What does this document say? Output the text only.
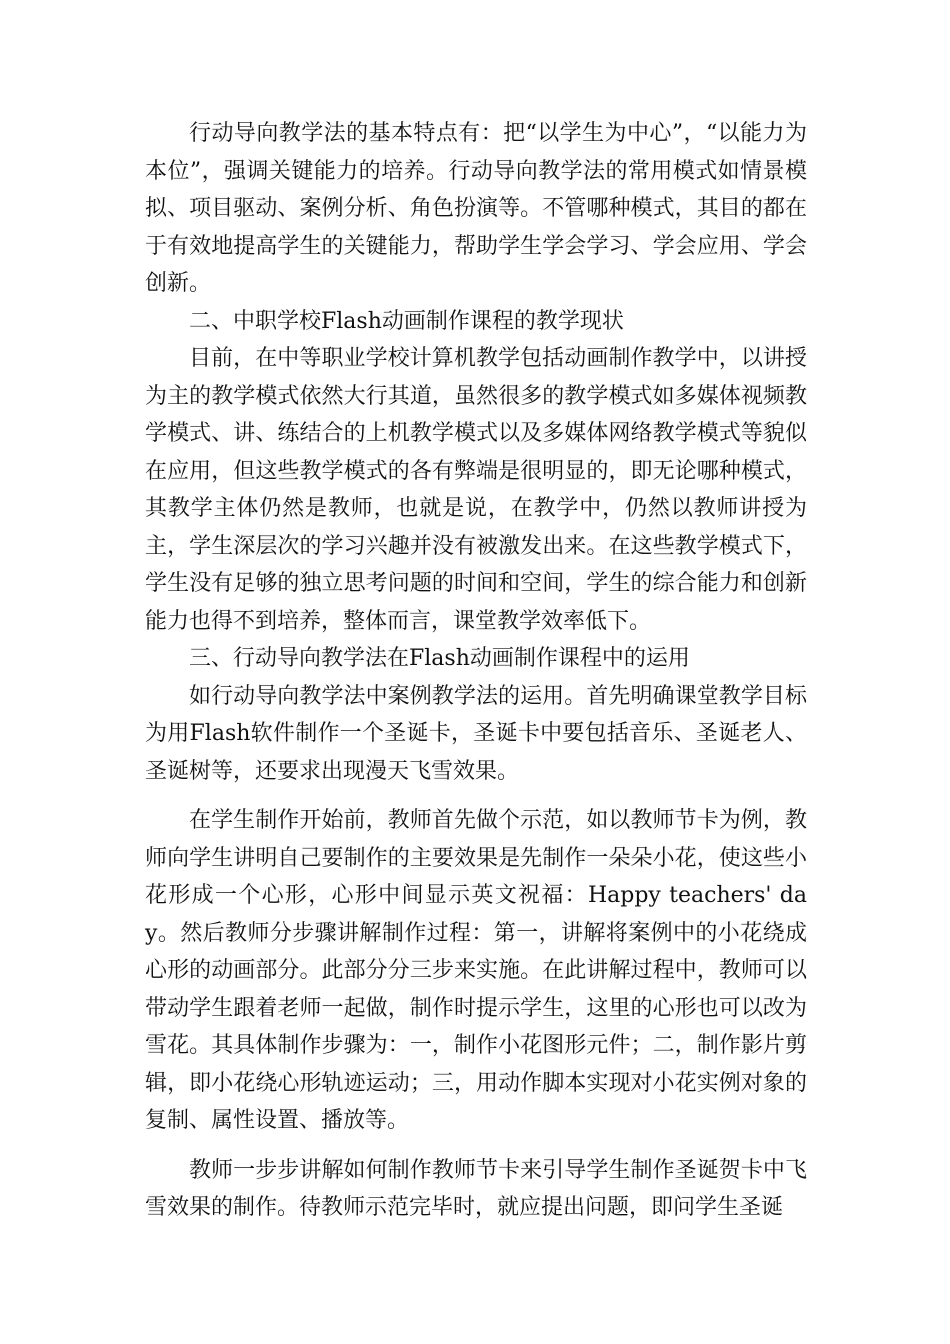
行动导向教学法的基本特点有：把“以学生为中心”，“以能力为本位”，强调关键能力的培养。行动导向教学法的常用模式如情景模拟、项目驱动、案例分析、角色扮演等。不管哪种模式，其目的都在于有效地提高学生的关键能力，帮助学生学会学习、学会应用、学会创新。

二、中职学校Flash动画制作课程的教学现状

目前，在中等职业学校计算机教学包括动画制作教学中，以讲授为主的教学模式依然大行其道，虽然很多的教学模式如多媒体视频教学模式、讲、练结合的上机教学模式以及多媒体网络教学模式等貌似在应用，但这些教学模式的各有弊端是很明显的，即无论哪种模式，其教学主体仍然是教师，也就是说，在教学中，仍然以教师讲授为主，学生深层次的学习兴趣并没有被激发出来。在这些教学模式下，学生没有足够的独立思考问题的时间和空间，学生的综合能力和创新能力也得不到培养，整体而言，课堂教学效率低下。

三、行动导向教学法在Flash动画制作课程中的运用

如行动导向教学法中案例教学法的运用。首先明确课堂教学目标为用Flash软件制作一个圣诞卡，圣诞卡中要包括音乐、圣诞老人、圣诞树等，还要求出现漫天飞雪效果。

在学生制作开始前，教师首先做个示范，如以教师节卡为例，教师向学生讲明自己要制作的主要效果是先制作一朵朵小花，使这些小花形成一个心形，心形中间显示英文祝福：Happy teachers' day。然后教师分步骤讲解制作过程：第一，讲解将案例中的小花绕成心形的动画部分。此部分分三步来实施。在此讲解过程中，教师可以带动学生跟着老师一起做，制作时提示学生，这里的心形也可以改为雪花。其具体制作步骤为：一，制作小花图形元件；二，制作影片剪辑，即小花绕心形轨迹运动；三，用动作脚本实现对小花实例对象的复制、属性设置、播放等。

教师一步步讲解如何制作教师节卡来引导学生制作圣诞贺卡中飞雪效果的制作。待教师示范完毕时，就应提出问题，即问学生圣诞
